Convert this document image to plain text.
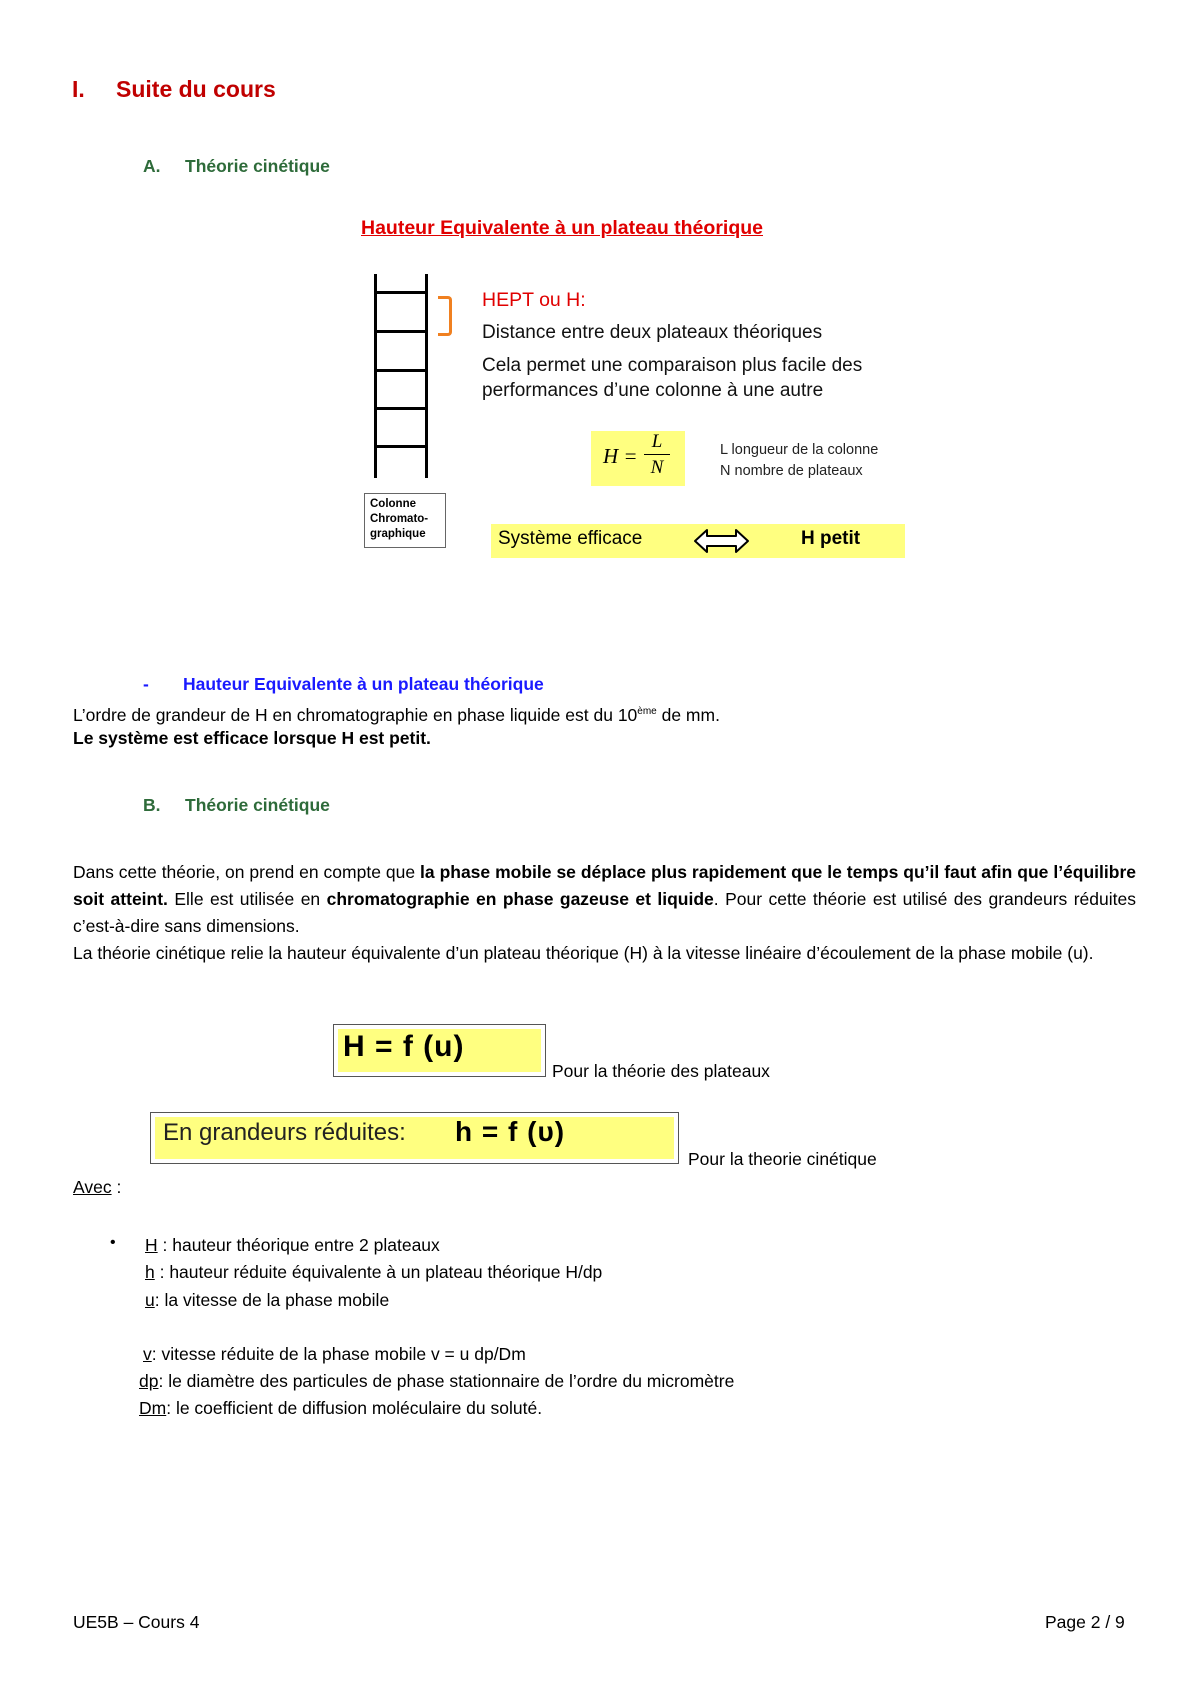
I. Suite du cours
A. Théorie cinétique
Hauteur Equivalente à un plateau théorique
HEPT ou H:
Distance entre deux plateaux théoriques
Cela permet une comparaison plus facile des
performances d’une colonne à une autre
$H = \frac{L}{N}$	L longueur de la colonne
N nombre de plateaux
Colonne
Chromato-
graphique	Système efficace	H petit
- Hauteur Equivalente à un plateau théorique
L’ordre de grandeur de H en chromatographie en phase liquide est du 10ème de mm.
Le système est efficace lorsque H est petit.
B. Théorie cinétique
Dans cette théorie, on prend en compte que la phase mobile se déplace plus rapidement que le temps qu’il faut afin que l’équilibre soit atteint. Elle est utilisée en chromatographie en phase gazeuse et liquide. Pour cette théorie est utilisé des grandeurs réduites c’est-à-dire sans dimensions.
La théorie cinétique relie la hauteur équivalente d’un plateau théorique (H) à la vitesse linéaire d’écoulement de la phase mobile (u).
H = f (u)
Pour la théorie des plateaux
En grandeurs réduites: h = f (υ)
Pour la theorie cinétique
Avec :
• H : hauteur théorique entre 2 plateaux
h : hauteur réduite équivalente à un plateau théorique H/dp
u: la vitesse de la phase mobile
v: vitesse réduite de la phase mobile v = u dp/Dm
dp: le diamètre des particules de phase stationnaire de l’ordre du micromètre
Dm: le coefficient de diffusion moléculaire du soluté.
UE5B – Cours 4	Page 2 / 9
